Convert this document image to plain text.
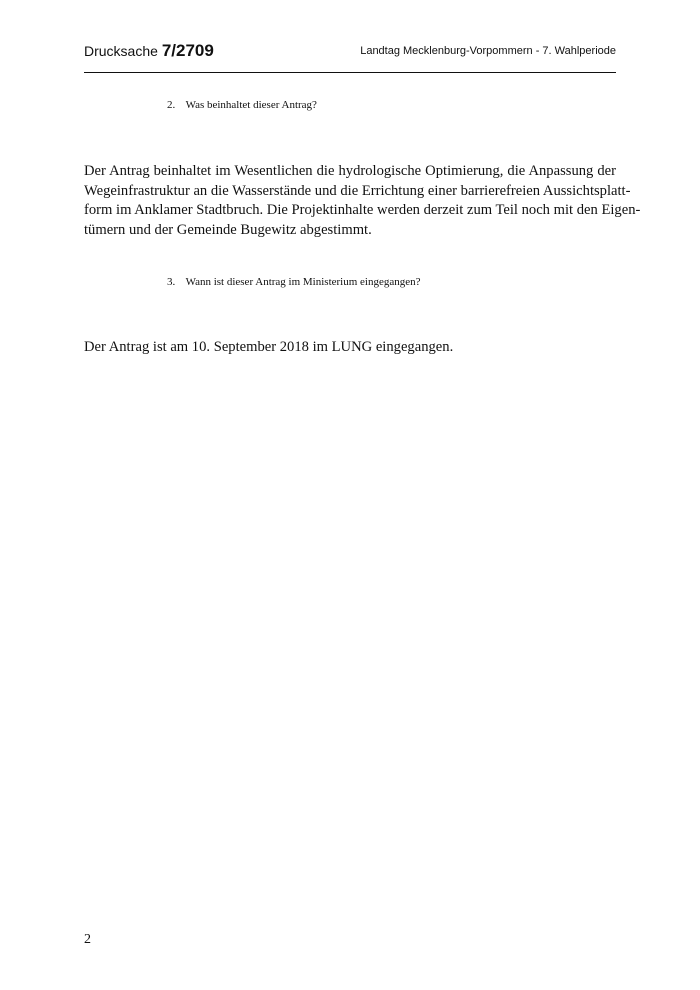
Drucksache 7/2709	Landtag Mecklenburg-Vorpommern - 7. Wahlperiode
2. Was beinhaltet dieser Antrag?
Der Antrag beinhaltet im Wesentlichen die hydrologische Optimierung, die Anpassung der
Wegeinfrastruktur an die Wasserstände und die Errichtung einer barrierefreien Aussichtsplatt-
form im Anklamer Stadtbruch. Die Projektinhalte werden derzeit zum Teil noch mit den Eigen-
tümern und der Gemeinde Bugewitz abgestimmt.
3. Wann ist dieser Antrag im Ministerium eingegangen?
Der Antrag ist am 10. September 2018 im LUNG eingegangen.
2
